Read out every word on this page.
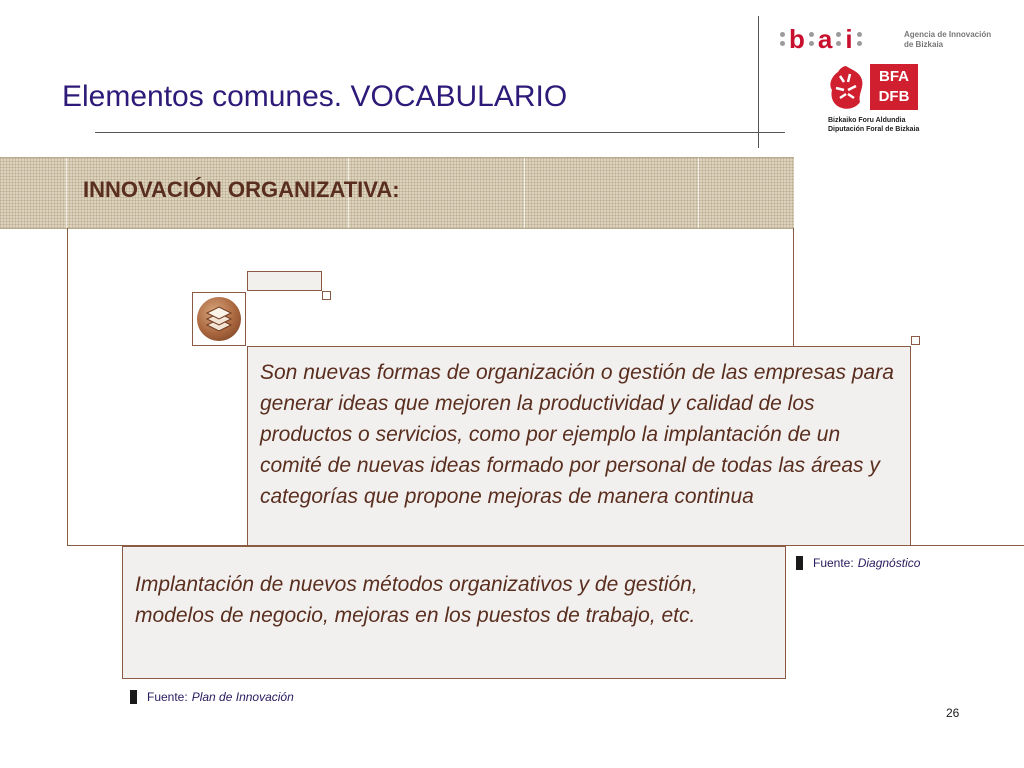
Elementos comunes. VOCABULARIO
b a i	Agencia de Innovación
de Bizkaia
BFA
DFB
Bizkaiko Foru Aldundia
Diputación Foral de Bizkaia
INNOVACIÓN ORGANIZATIVA:

Son nuevas formas de organización o gestión de las empresas para generar ideas que mejoren la productividad y calidad de los productos o servicios, como por ejemplo la implantación de un comité de nuevas ideas formado por personal de todas las áreas y categorías que propone mejoras de manera continua

Fuente: Diagnóstico

Implantación de nuevos métodos organizativos y de gestión, modelos de negocio, mejoras en los puestos de trabajo, etc.

Fuente: Plan de Innovación
26
